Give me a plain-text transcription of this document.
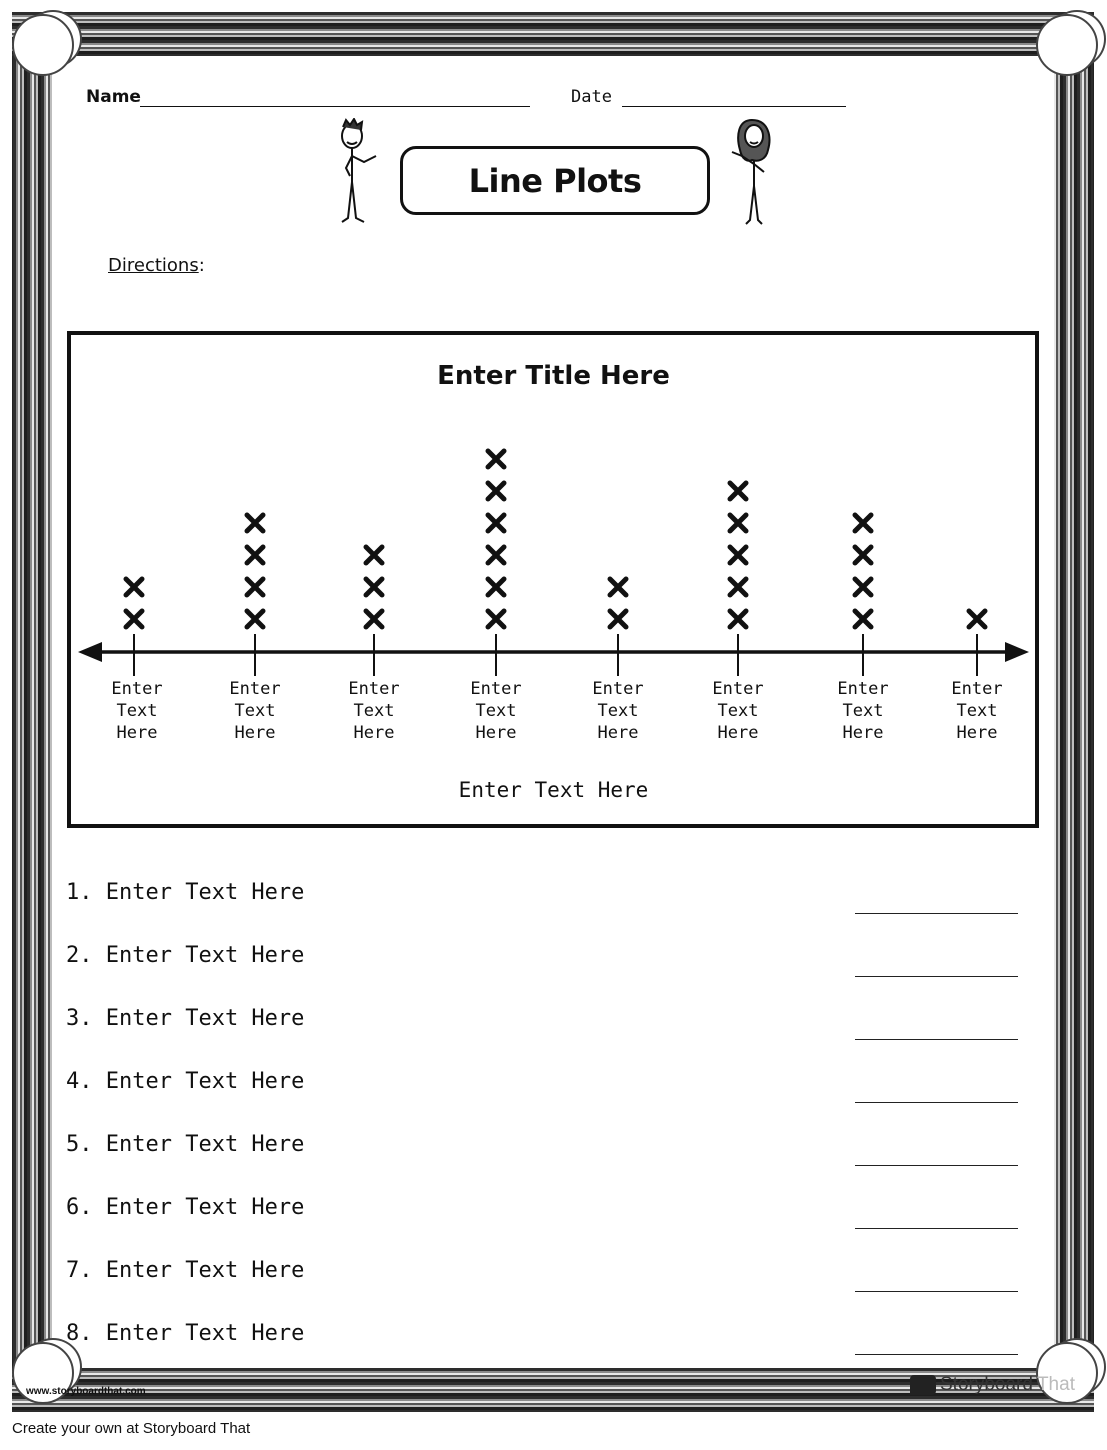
Name	Date
Line Plots
Directions:
Enter Title Here
Enter
Text
Here
Enter
Text
Here
Enter
Text
Here
Enter
Text
Here
Enter
Text
Here
Enter
Text
Here
Enter
Text
Here
Enter
Text
Here
Enter Text Here
1. Enter Text Here
2. Enter Text Here
3. Enter Text Here
4. Enter Text Here
5. Enter Text Here
6. Enter Text Here
7. Enter Text Here
8. Enter Text Here
www.storyboardthat.com	Storyboard That
Create your own at Storyboard That
